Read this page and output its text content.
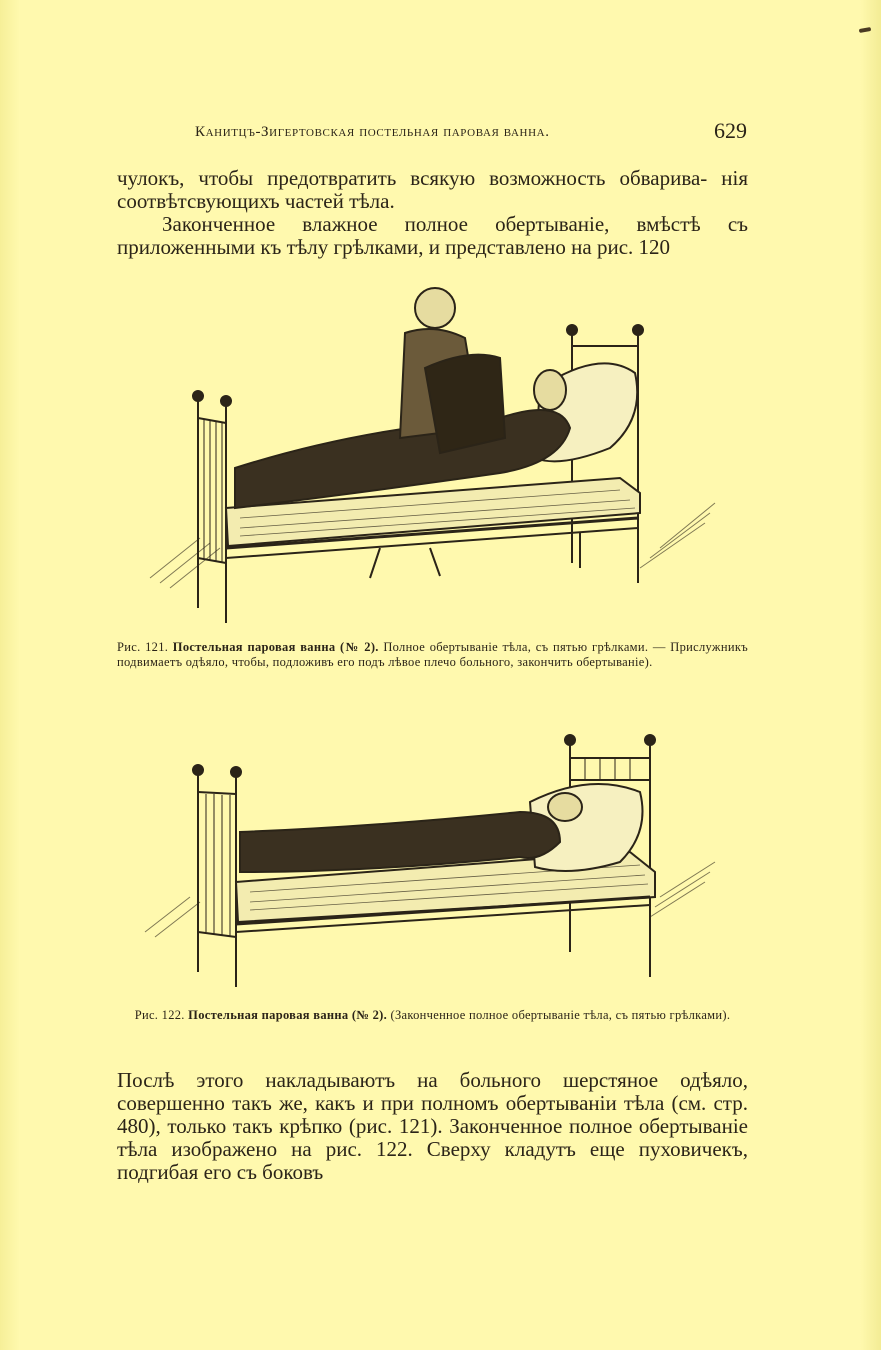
Канитцъ-Зигертовская постельная паровая ванна.	629
чулокъ, чтобы предотвратить всякую возможность обварива- нія соотвѣтсвующихъ частей тѣла.
Законченное влажное полное обертываніе, вмѣстѣ съ приложенными къ тѣлу грѣлками, и представлено на рис. 120
Рис. 121. Постельная паровая ванна (№ 2). Полное обертываніе тѣла, съ пятью грѣлками. — Прислужникъ подвимаетъ одѣяло, чтобы, подложивъ его подъ лѣвое плечо больного, закончить обертываніе).
Рис. 122. Постельная паровая ванна (№ 2). (Законченное полное обертываніе тѣла, съ пятью грѣлками).
Послѣ этого накладываютъ на больного шерстяное одѣяло, совершенно такъ же, какъ и при полномъ обертываніи тѣла (см. стр. 480), только такъ крѣпко (рис. 121). Законченное полное обертываніе тѣла изображено на рис. 122. Сверху кладутъ еще пуховичекъ, подгибая его съ боковъ
